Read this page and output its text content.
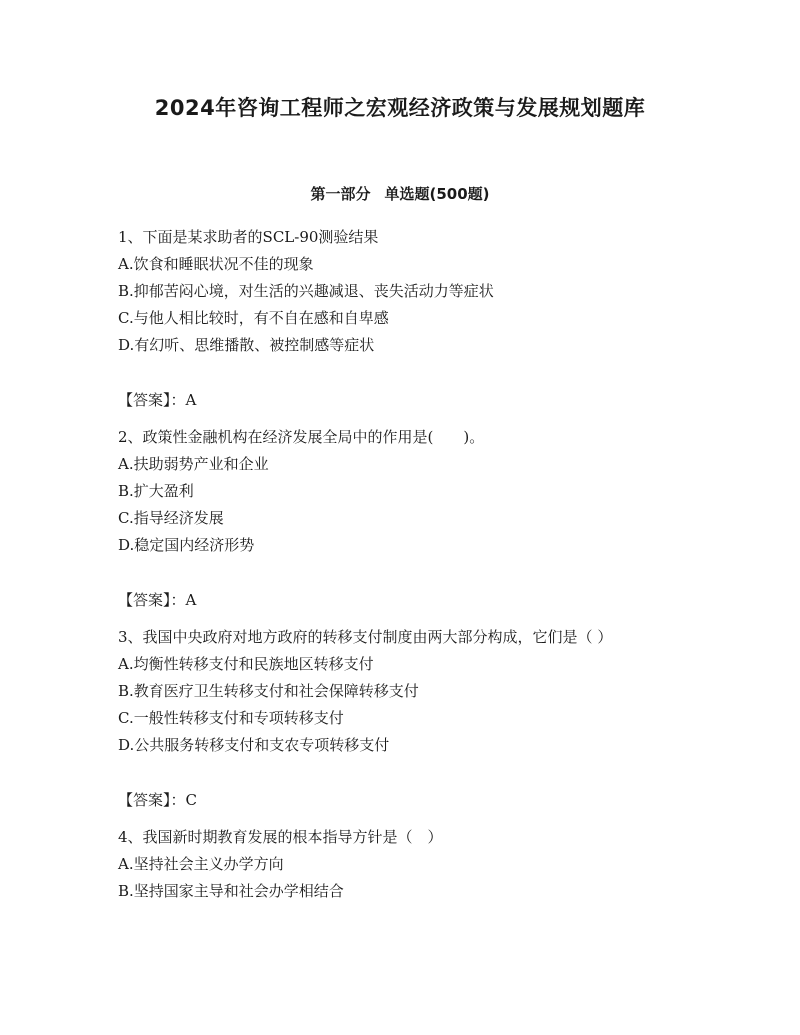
2024年咨询工程师之宏观经济政策与发展规划题库
第一部分 单选题(500题)

1、下面是某求助者的SCL-90测验结果

A.饮食和睡眠状况不佳的现象

B.抑郁苦闷心境，对生活的兴趣减退、丧失活动力等症状

C.与他人相比较时，有不自在感和自卑感

D.有幻听、思维播散、被控制感等症状

【答案】：A

2、政策性金融机构在经济发展全局中的作用是(　　)。

A.扶助弱势产业和企业

B.扩大盈利

C.指导经济发展

D.稳定国内经济形势

【答案】：A

3、我国中央政府对地方政府的转移支付制度由两大部分构成，它们是（ ）

A.均衡性转移支付和民族地区转移支付

B.教育医疗卫生转移支付和社会保障转移支付

C.一般性转移支付和专项转移支付

D.公共服务转移支付和支农专项转移支付

【答案】：C

4、我国新时期教育发展的根本指导方针是（　）

A.坚持社会主义办学方向

B.坚持国家主导和社会办学相结合
